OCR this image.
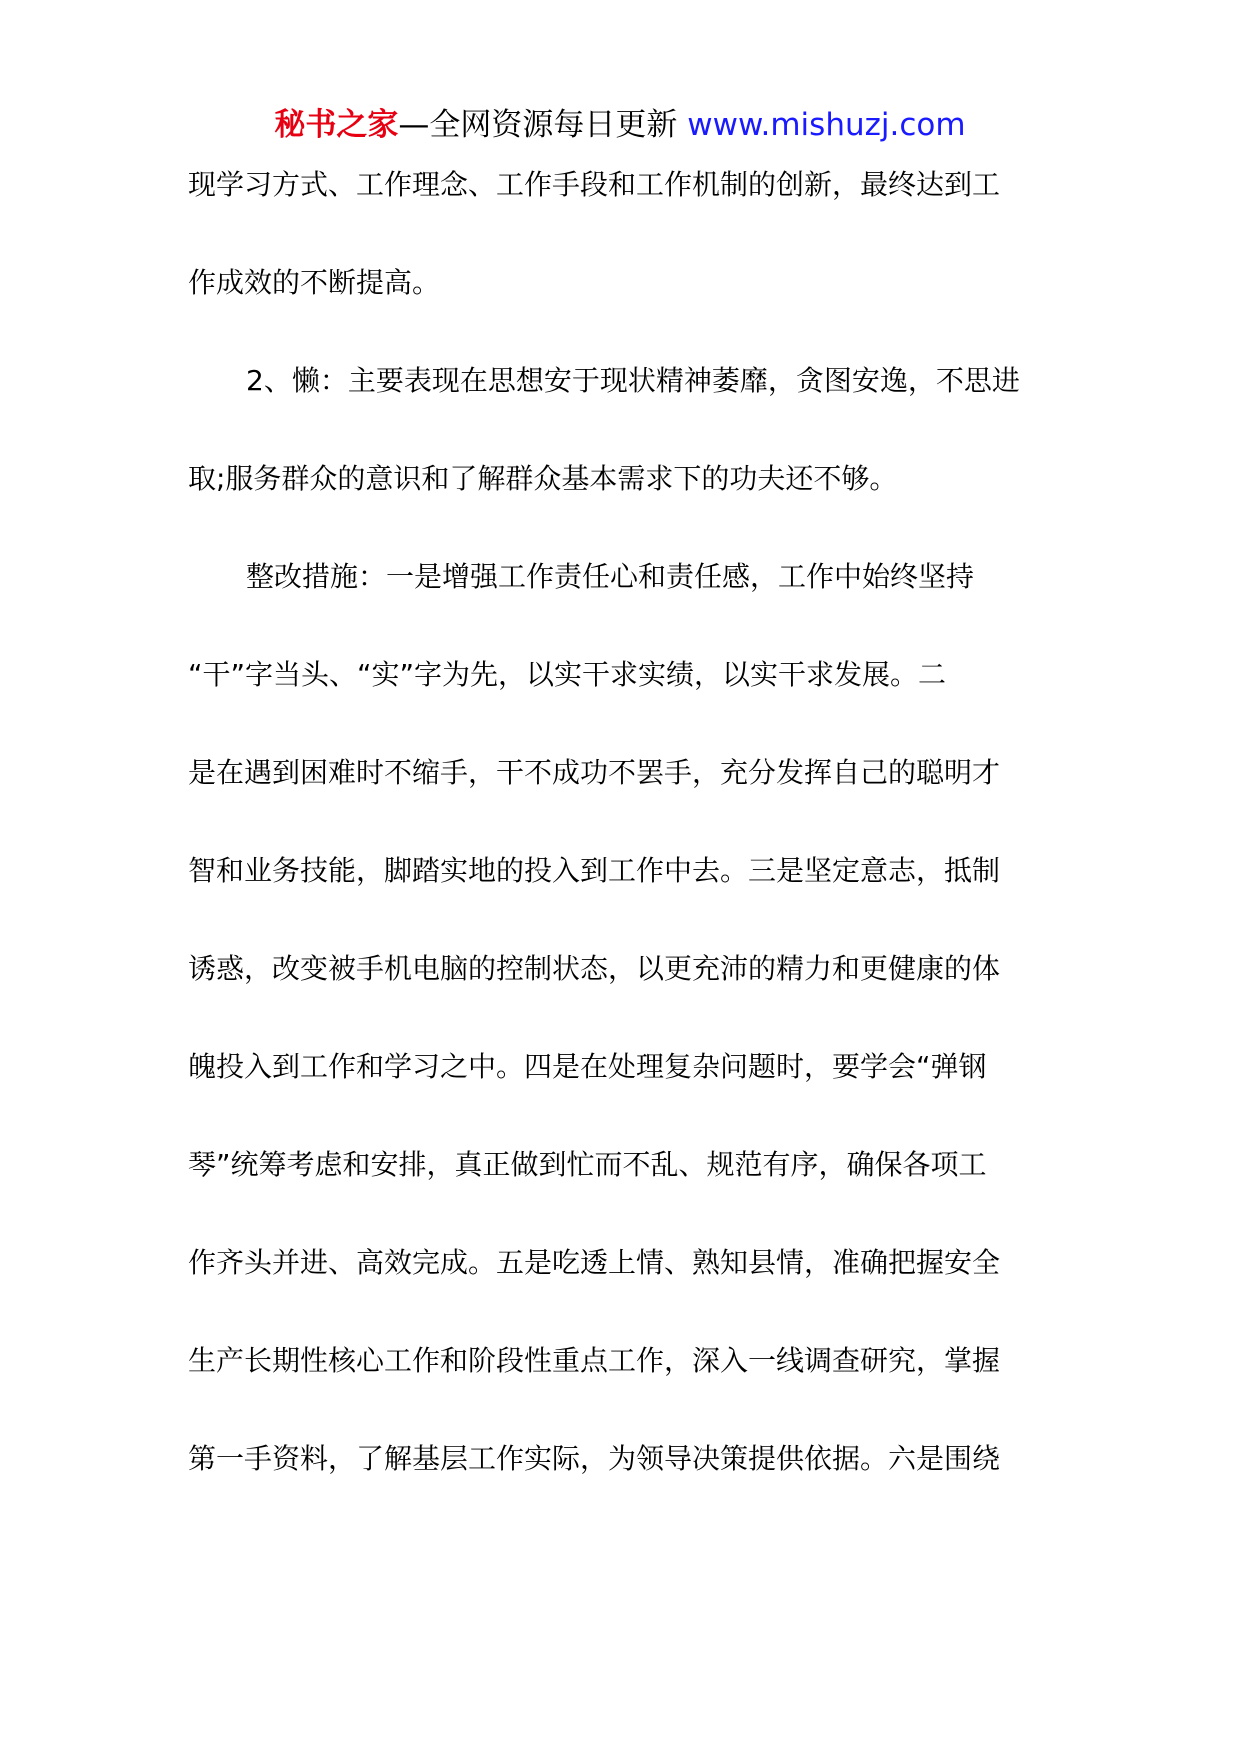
秘书之家—全网资源每日更新 www.mishuzj.com
现学习方式、工作理念、工作手段和工作机制的创新，最终达到工
作成效的不断提高。
2、懒：主要表现在思想安于现状精神萎靡，贪图安逸，不思进
取;服务群众的意识和了解群众基本需求下的功夫还不够。
整改措施：一是增强工作责任心和责任感，工作中始终坚持
“干”字当头、“实”字为先，以实干求实绩，以实干求发展。二
是在遇到困难时不缩手，干不成功不罢手，充分发挥自己的聪明才
智和业务技能，脚踏实地的投入到工作中去。三是坚定意志，抵制
诱惑，改变被手机电脑的控制状态，以更充沛的精力和更健康的体
魄投入到工作和学习之中。四是在处理复杂问题时，要学会“弹钢
琴”统筹考虑和安排，真正做到忙而不乱、规范有序，确保各项工
作齐头并进、高效完成。五是吃透上情、熟知县情，准确把握安全
生产长期性核心工作和阶段性重点工作，深入一线调查研究，掌握
第一手资料，了解基层工作实际，为领导决策提供依据。六是围绕
